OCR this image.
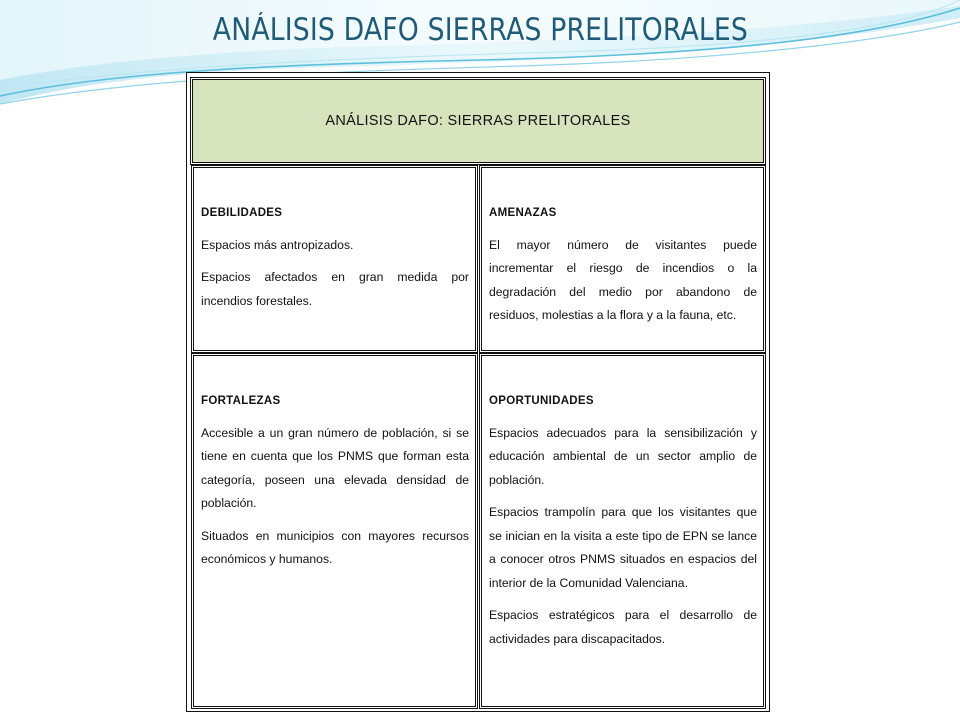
ANÁLISIS DAFO SIERRAS PRELITORALES
ANÁLISIS DAFO: SIERRAS PRELITORALES
DEBILIDADES

Espacios más antropizados.

Espacios afectados en gran medida por incendios forestales.

AMENAZAS

El mayor número de visitantes puede incrementar el riesgo de incendios o la degradación del medio por abandono de residuos, molestias a la flora y a la fauna, etc.

FORTALEZAS

Accesible a un gran número de población, si se tiene en cuenta que los PNMS que forman esta categoría, poseen una elevada densidad de población.

Situados en municipios con mayores recursos económicos y humanos.

OPORTUNIDADES

Espacios adecuados para la sensibilización y educación ambiental de un sector amplio de población.

Espacios trampolín para que los visitantes que se inician en la visita a este tipo de EPN se lance a conocer otros PNMS situados en espacios del interior de la Comunidad Valenciana.

Espacios estratégicos para el desarrollo de actividades para discapacitados.
